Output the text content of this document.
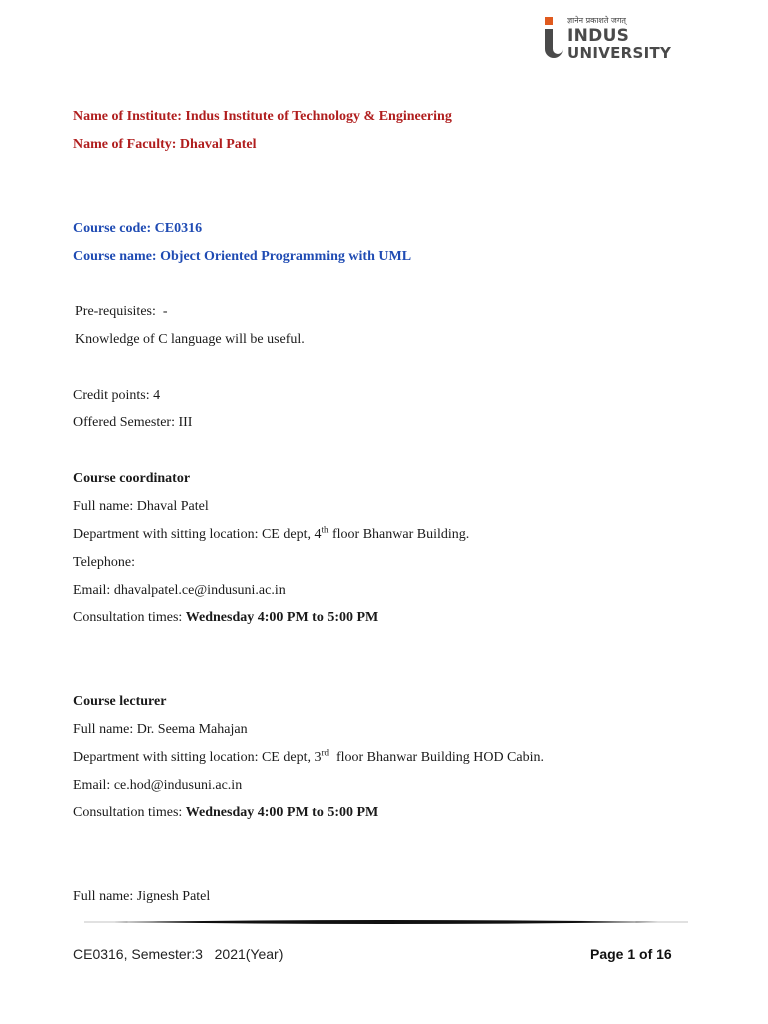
ज्ञानेन प्रकाशते जगत्
INDUS
UNIVERSITY
Name of Institute: Indus Institute of Technology & Engineering
Name of Faculty: Dhaval Patel
Course code: CE0316
Course name: Object Oriented Programming with UML
Pre-requisites: -
Knowledge of C language will be useful.
Credit points: 4
Offered Semester: III
Course coordinator
Full name: Dhaval Patel
Department with sitting location: CE dept, 4th floor Bhanwar Building.
Telephone:
Email: dhavalpatel.ce@indusuni.ac.in
Consultation times: Wednesday 4:00 PM to 5:00 PM
Course lecturer
Full name: Dr. Seema Mahajan
Department with sitting location: CE dept, 3rd  floor Bhanwar Building HOD Cabin.
Email: ce.hod@indusuni.ac.in
Consultation times: Wednesday 4:00 PM to 5:00 PM
Full name: Jignesh Patel
CE0316, Semester:3   2021(Year)	Page 1 of 16
